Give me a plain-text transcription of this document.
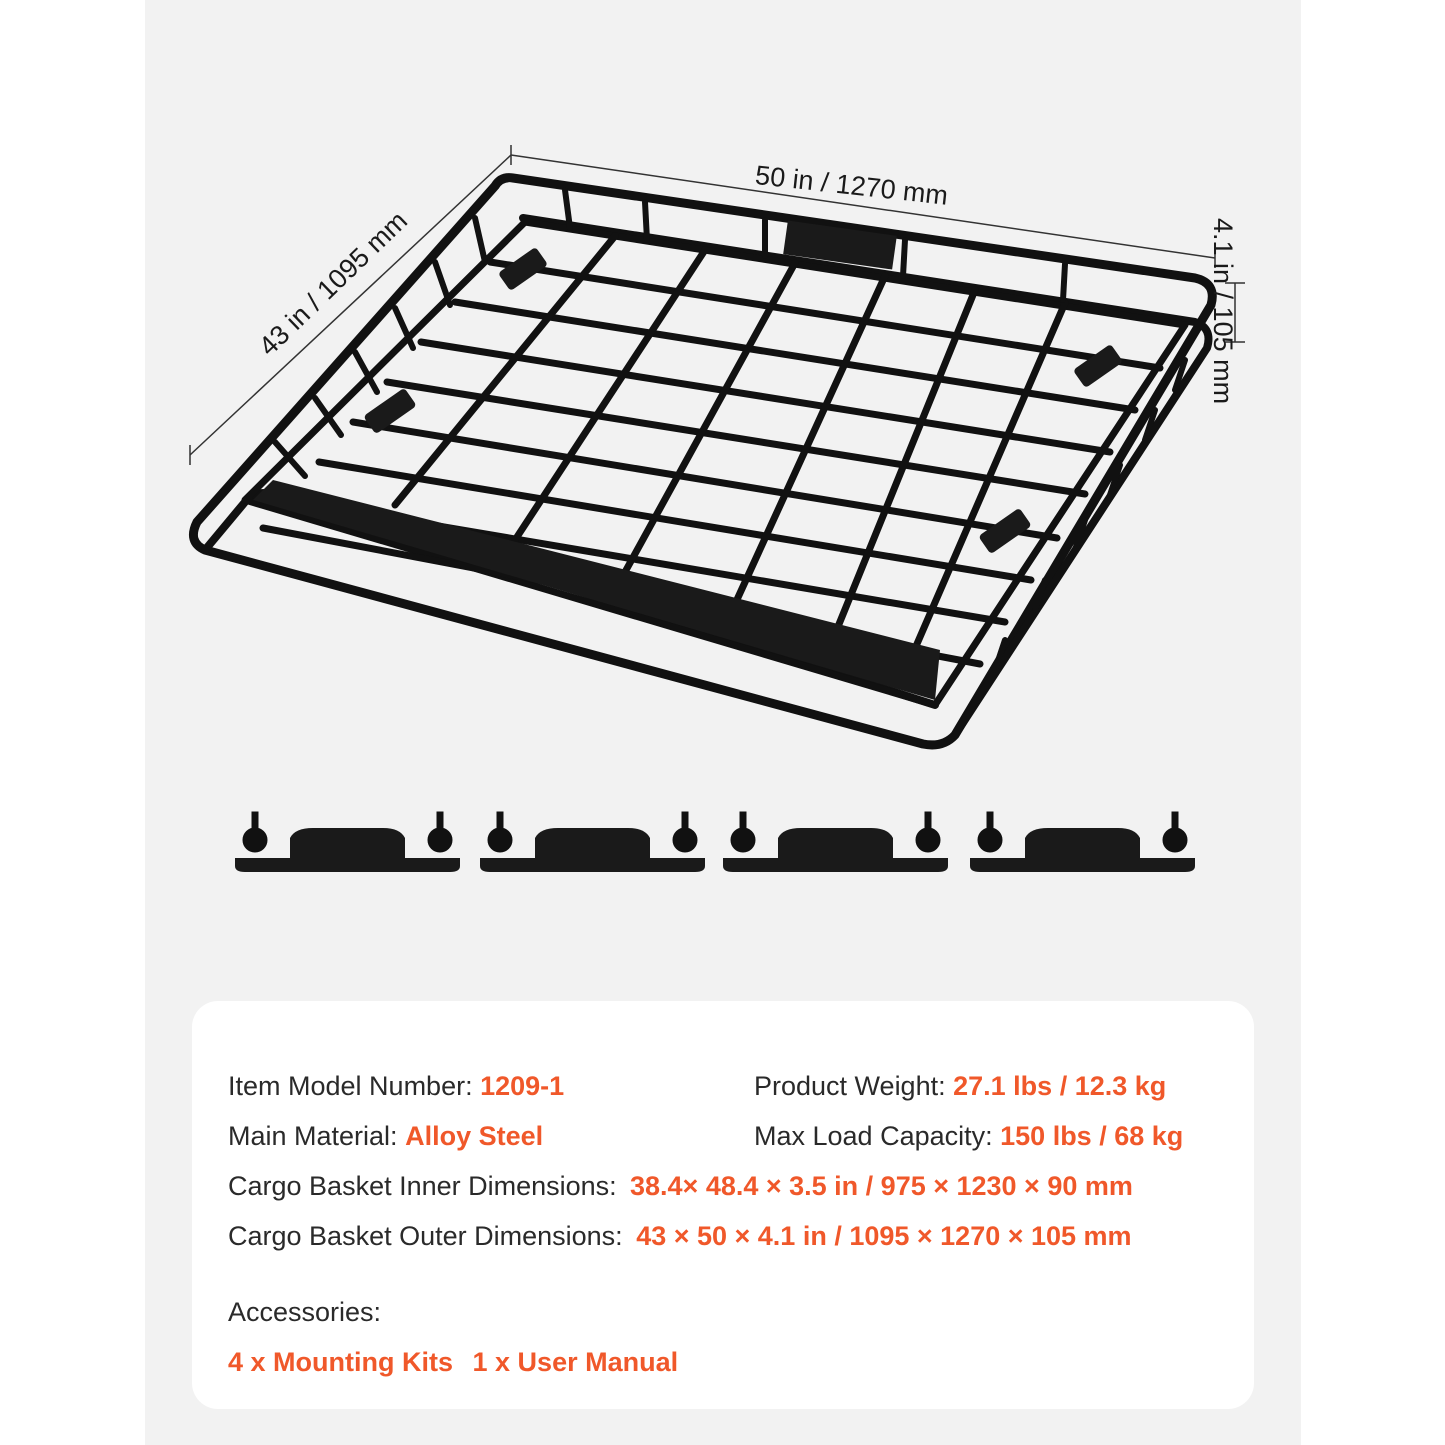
50 in / 1270 mm
43 in / 1095 mm	4.1 in / 105 mm
Item Model Number: 1209-1	Product Weight: 27.1 lbs / 12.3 kg
Main Material: Alloy Steel	Max Load Capacity: 150 lbs / 68 kg
Cargo Basket Inner Dimensions: 38.4× 48.4 × 3.5 in / 975 × 1230 × 90 mm
Cargo Basket Outer Dimensions: 43 × 50 × 4.1 in / 1095 × 1270 × 105 mm
Accessories:
4 x Mounting Kits 1 x User Manual
